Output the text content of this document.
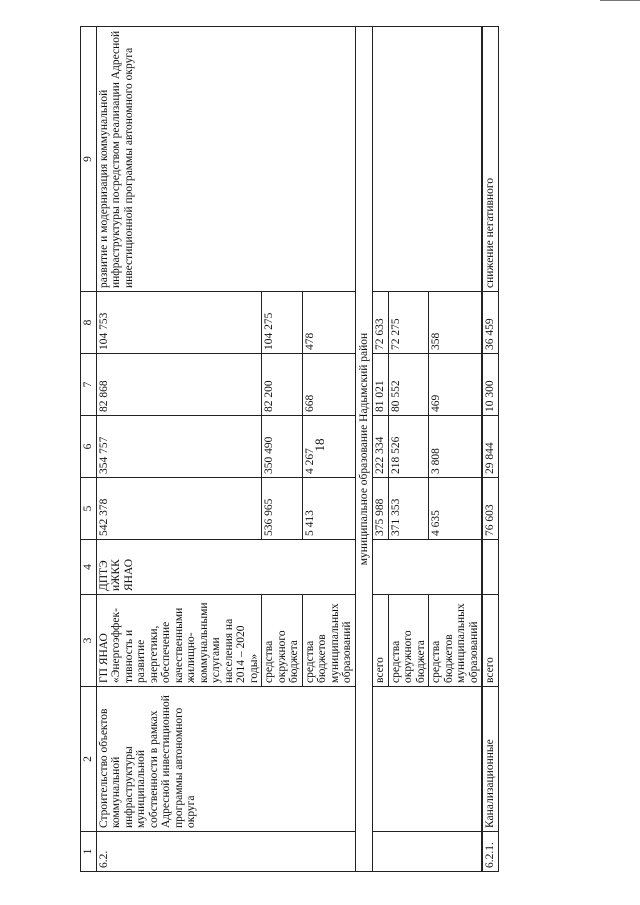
18
1	2	3	4	5	6	7	8	9
6.2.	Строительство объектов коммунальной инфраструктуры муниципальной собственности в рамках Адресной инвестиционной программы автономного округа	ГП ЯНАО «Энергоэффек-тивность и развитие энергетики, обеспечение качественными жилищно-коммунальными услугами населения на 2014 – 2020 годы»	ДПТЭ иЖКК ЯНАО	542 378	354 757	82 868	104 753	развитие и модернизация коммунальной инфраструктуры посредством реализации Адресной инвестиционной программы автономного округа
		средства окружного бюджета		536 965	350 490	82 200	104 275	
		средства бюджетов муниципальных образований		5 413	4 267	668	478	
муниципальное образование Надымский район								
		всего		375 988	222 334	81 021	72 633	
		средства окружного бюджета		371 353	218 526	80 552	72 275	
		средства бюджетов муниципальных образований		4 635	3 808	469	358	
6.2.1.	Канализационные	всего		76 603	29 844	10 300	36 459	снижение негативного
